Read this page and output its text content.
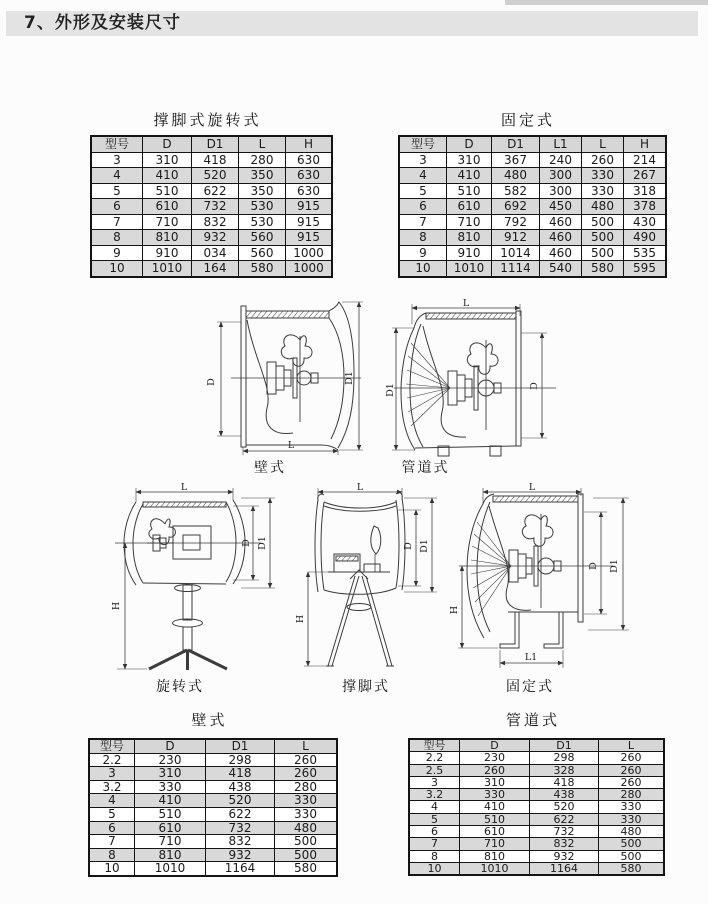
7、外形及安装尺寸
撑脚式旋转式
型号	D	D1	L	H
3	310	418	280	630
4	410	520	350	630
5	510	622	350	630
6	610	732	530	915
7	710	832	530	915
8	810	932	560	915
9	910	034	560	1000
10	1010	164	580	1000
固定式
型号	D	D1	L1	L	H
3	310	367	240	260	214
4	410	480	300	330	267
5	510	582	300	330	318
6	610	692	450	480	378
7	710	792	460	500	430
8	810	912	460	500	490
9	910	1014	460	500	535
10	1010	1114	540	580	595
D	D1
L
壁式
L
D1	D
管道式
L
H
D D1
旋转式
L
H
D D1
撑脚式
L
H
D D1
L1
固定式
壁式
型号	D	D1	L
2.2	230	298	260
3	310	418	260
3.2	330	438	280
4	410	520	330
5	510	622	330
6	610	732	480
7	710	832	500
8	810	932	500
10	1010	1164	580
管道式
型号	D	D1	L
2.2	230	298	260
2.5	260	328	260
3	310	418	260
3.2	330	438	280
4	410	520	330
5	510	622	330
6	610	732	480
7	710	832	500
8	810	932	500
10	1010	1164	580
